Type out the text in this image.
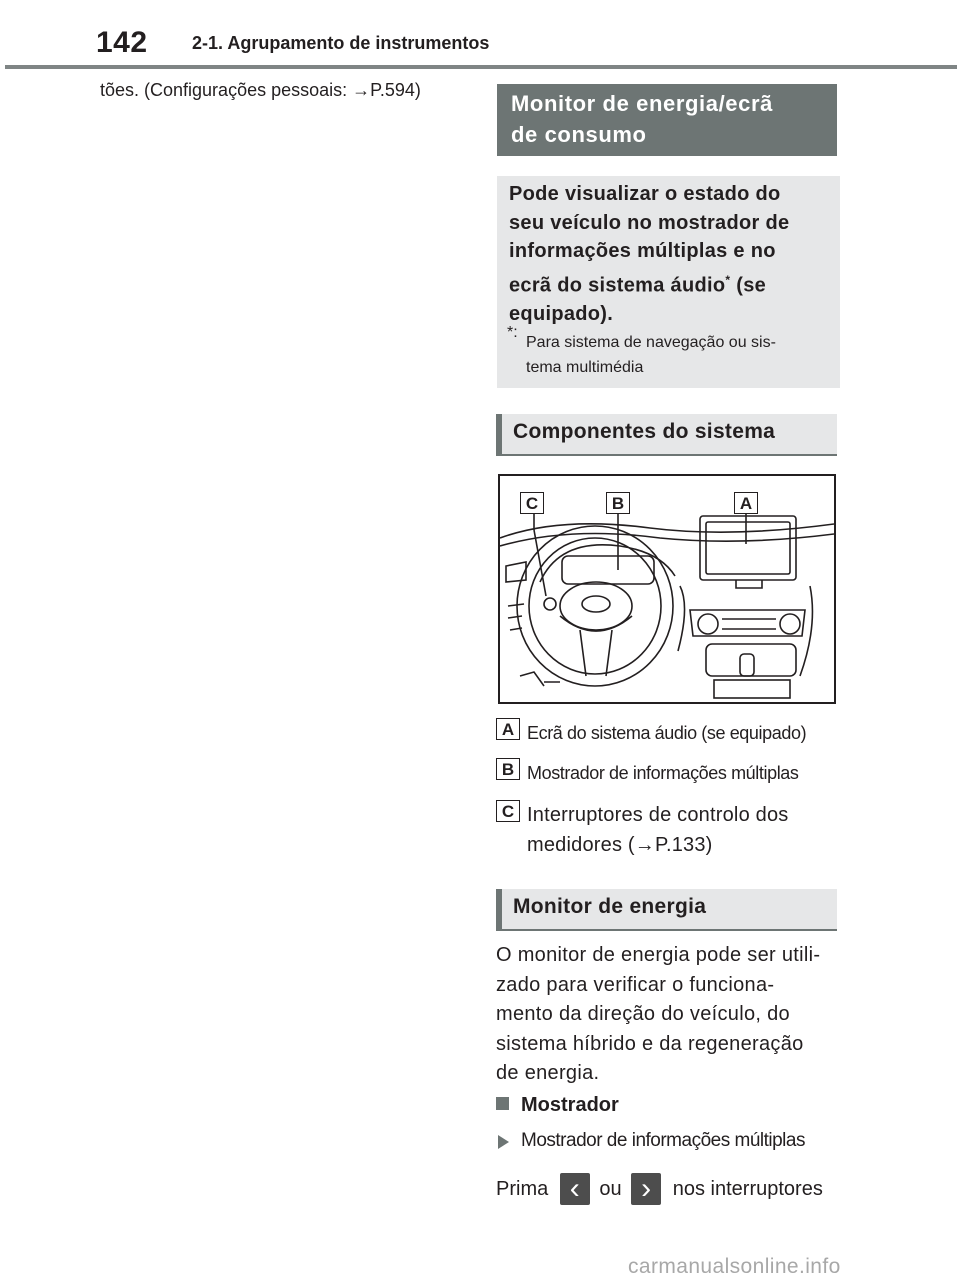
142 2-1. Agrupamento de instrumentos
tões. (Configurações pessoais: →P.594)
Monitor de energia/ecrã
de consumo
Pode visualizar o estado do
seu veículo no mostrador de
informações múltiplas e no
ecrã do sistema áudio* (se
equipado).
*:
Para sistema de navegação ou sis-
tema multimédia
Componentes do sistema
C	B	A
A Ecrã do sistema áudio (se equipado)
B Mostrador de informações múltiplas
C Interruptores de controlo dos
medidores (→P.133)
Monitor de energia
O monitor de energia pode ser utili-
zado para verificar o funciona-
mento da direção do veículo, do
sistema híbrido e da regeneração
de energia.
Mostrador
Mostrador de informações múltiplas
Prima ‹ ou › nos interruptores
carmanualsonline.info
